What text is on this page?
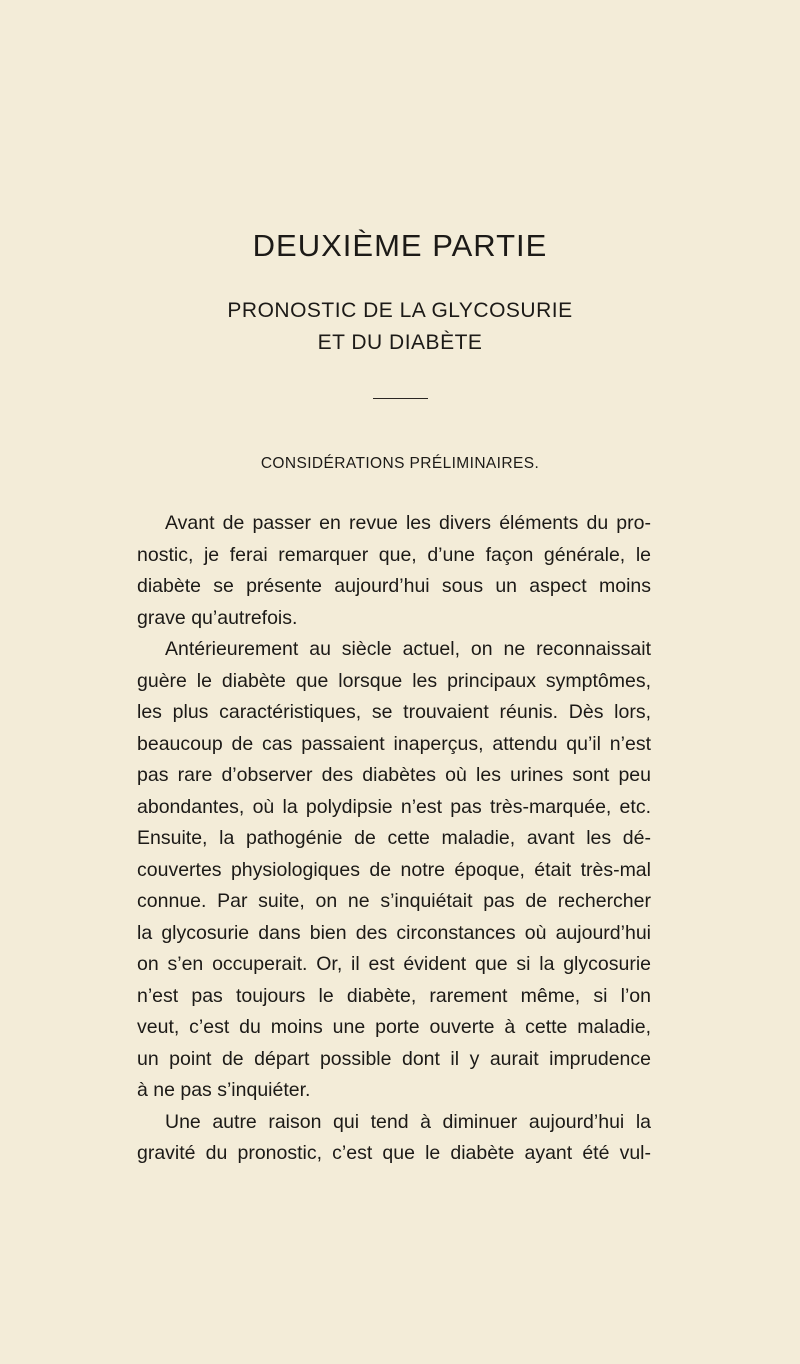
DEUXIÈME PARTIE
PRONOSTIC DE LA GLYCOSURIE
ET DU DIABÈTE
CONSIDÉRATIONS PRÉLIMINAIRES.
Avant de passer en revue les divers éléments du pro-
nostic, je ferai remarquer que, d’une façon générale, le
diabète se présente aujourd’hui sous un aspect moins
grave qu’autrefois.
Antérieurement au siècle actuel, on ne reconnaissait
guère le diabète que lorsque les principaux symptômes,
les plus caractéristiques, se trouvaient réunis. Dès lors,
beaucoup de cas passaient inaperçus, attendu qu’il n’est
pas rare d’observer des diabètes où les urines sont peu
abondantes, où la polydipsie n’est pas très-marquée, etc.
Ensuite, la pathogénie de cette maladie, avant les dé-
couvertes physiologiques de notre époque, était très-mal
connue. Par suite, on ne s’inquiétait pas de rechercher
la glycosurie dans bien des circonstances où aujourd’hui
on s’en occuperait. Or, il est évident que si la glycosurie
n’est pas toujours le diabète, rarement même, si l’on
veut, c’est du moins une porte ouverte à cette maladie,
un point de départ possible dont il y aurait imprudence
à ne pas s’inquiéter.
Une autre raison qui tend à diminuer aujourd’hui la
gravité du pronostic, c’est que le diabète ayant été vul-
